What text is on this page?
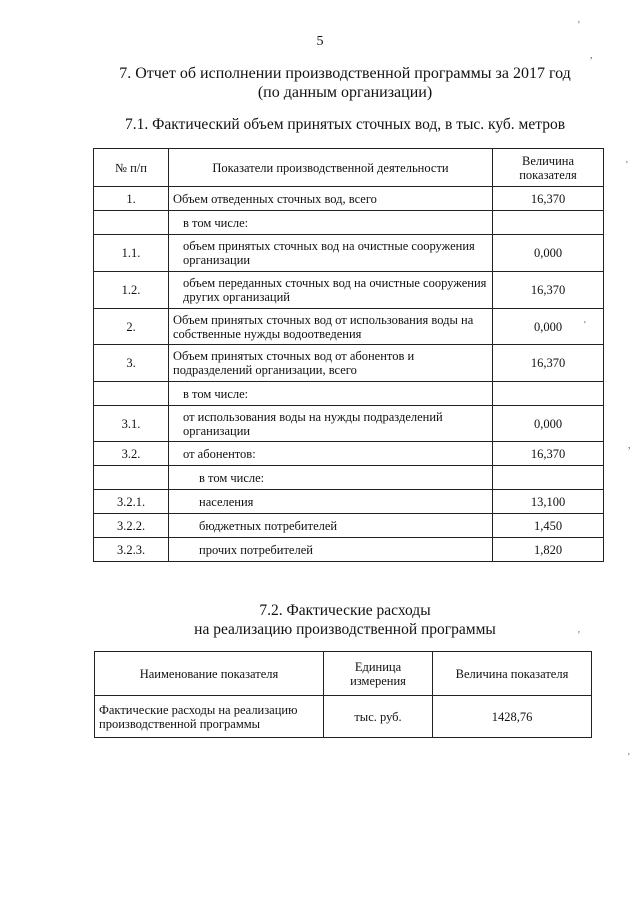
5
7. Отчет об исполнении производственной программы за 2017 год
(по данным организации)
7.1. Фактический объем принятых сточных вод, в тыс. куб. метров
№ п/п	Показатели производственной деятельности	Величина показателя
1.	Объем отведенных сточных вод, всего	16,370
	в том числе:	
1.1.	объем принятых сточных вод на очистные сооружения организации	0,000
1.2.	объем переданных сточных вод на очистные сооружения других организаций	16,370
2.	Объем принятых сточных вод от использования воды на собственные нужды водоотведения	0,000
3.	Объем принятых сточных вод от абонентов и подразделений организации, всего	16,370
	в том числе:	
3.1.	от использования воды на нужды подразделений организации	0,000
3.2.	от абонентов:	16,370
	в том числе:	
3.2.1.	населения	13,100
3.2.2.	бюджетных потребителей	1,450
3.2.3.	прочих потребителей	1,820
7.2. Фактические расходы
на реализацию производственной программы
Наименование показателя	Единица измерения	Величина показателя
Фактические расходы на реализацию производственной программы	тыс. руб.	1428,76
'
,
'
'
,
'
'
